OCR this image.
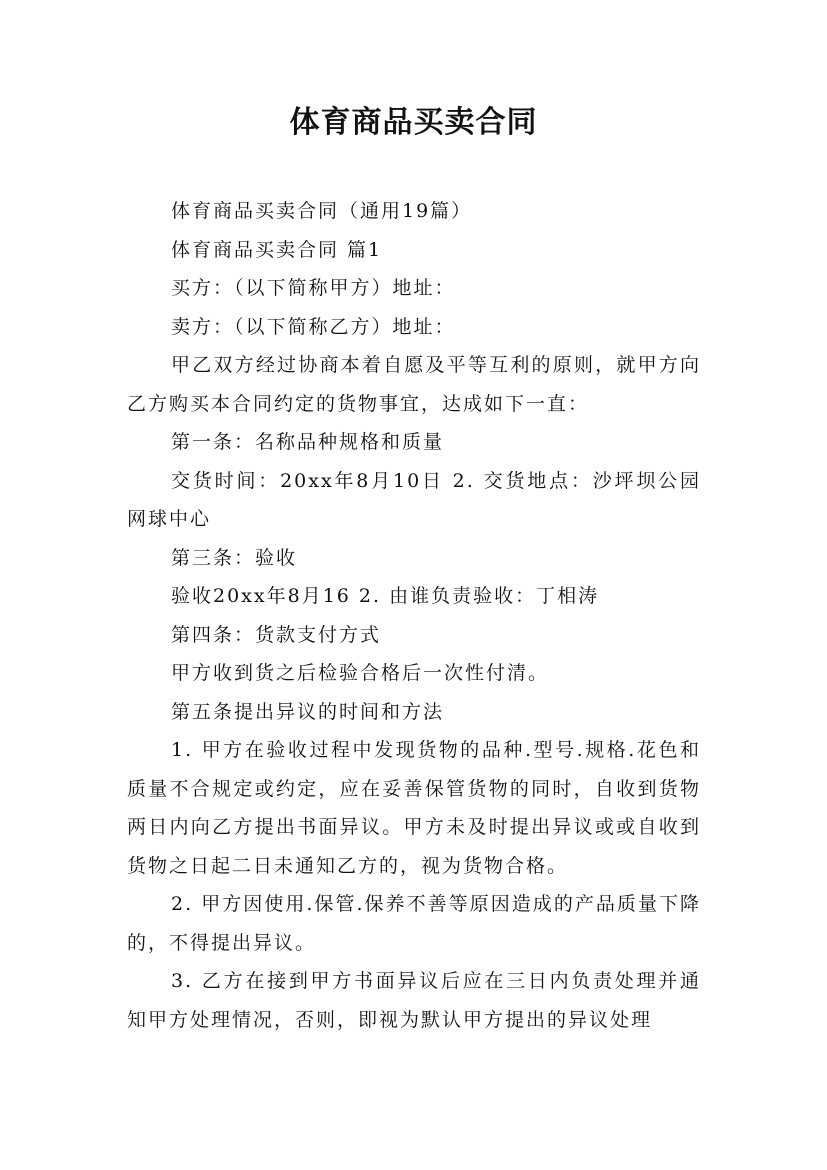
体育商品买卖合同

体育商品买卖合同（通用19篇）

体育商品买卖合同 篇1

买方：（以下简称甲方）地址：

卖方：（以下简称乙方）地址：

甲乙双方经过协商本着自愿及平等互利的原则，就甲方向乙方购买本合同约定的货物事宜，达成如下一直：

第一条：名称品种规格和质量

交货时间：20xx年8月10日 2. 交货地点：沙坪坝公园网球中心

第三条：验收

验收20xx年8月16 2. 由谁负责验收：丁相涛

第四条：货款支付方式

甲方收到货之后检验合格后一次性付清。

第五条提出异议的时间和方法

1. 甲方在验收过程中发现货物的品种.型号.规格.花色和质量不合规定或约定，应在妥善保管货物的同时，自收到货物两日内向乙方提出书面异议。甲方未及时提出异议或或自收到货物之日起二日未通知乙方的，视为货物合格。

2. 甲方因使用.保管.保养不善等原因造成的产品质量下降的，不得提出异议。

3. 乙方在接到甲方书面异议后应在三日内负责处理并通知甲方处理情况，否则，即视为默认甲方提出的异议处理
